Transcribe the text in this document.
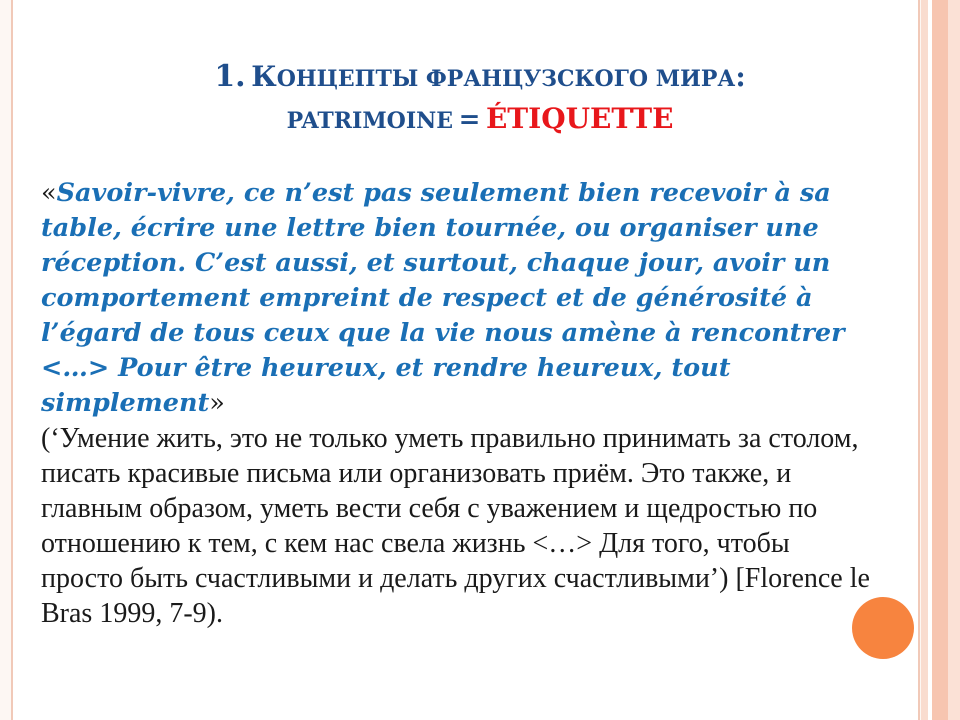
1. КОНЦЕПТЫ ФРАНЦУЗСКОГО МИРА:
PATRIMOINE = ÉTIQUETTE
«Savoir-vivre, ce n’est pas seulement bien recevoir à sa table, écrire une lettre bien tournée, ou organiser une réception. C’est aussi, et surtout, chaque jour, avoir un comportement empreint de respect et de générosité à l’égard de tous ceux que la vie nous amène à rencontrer <…> Pour être heureux, et rendre heureux, tout simplement»
(‘Умение жить, это не только уметь правильно принимать за столом, писать красивые письма или организовать приём. Это также, и главным образом, уметь вести себя с уважением и щедростью по отношению к тем, с кем нас свела жизнь <…> Для того, чтобы просто быть счастливыми и делать других счастливыми’) [Florence le Bras 1999, 7-9).
